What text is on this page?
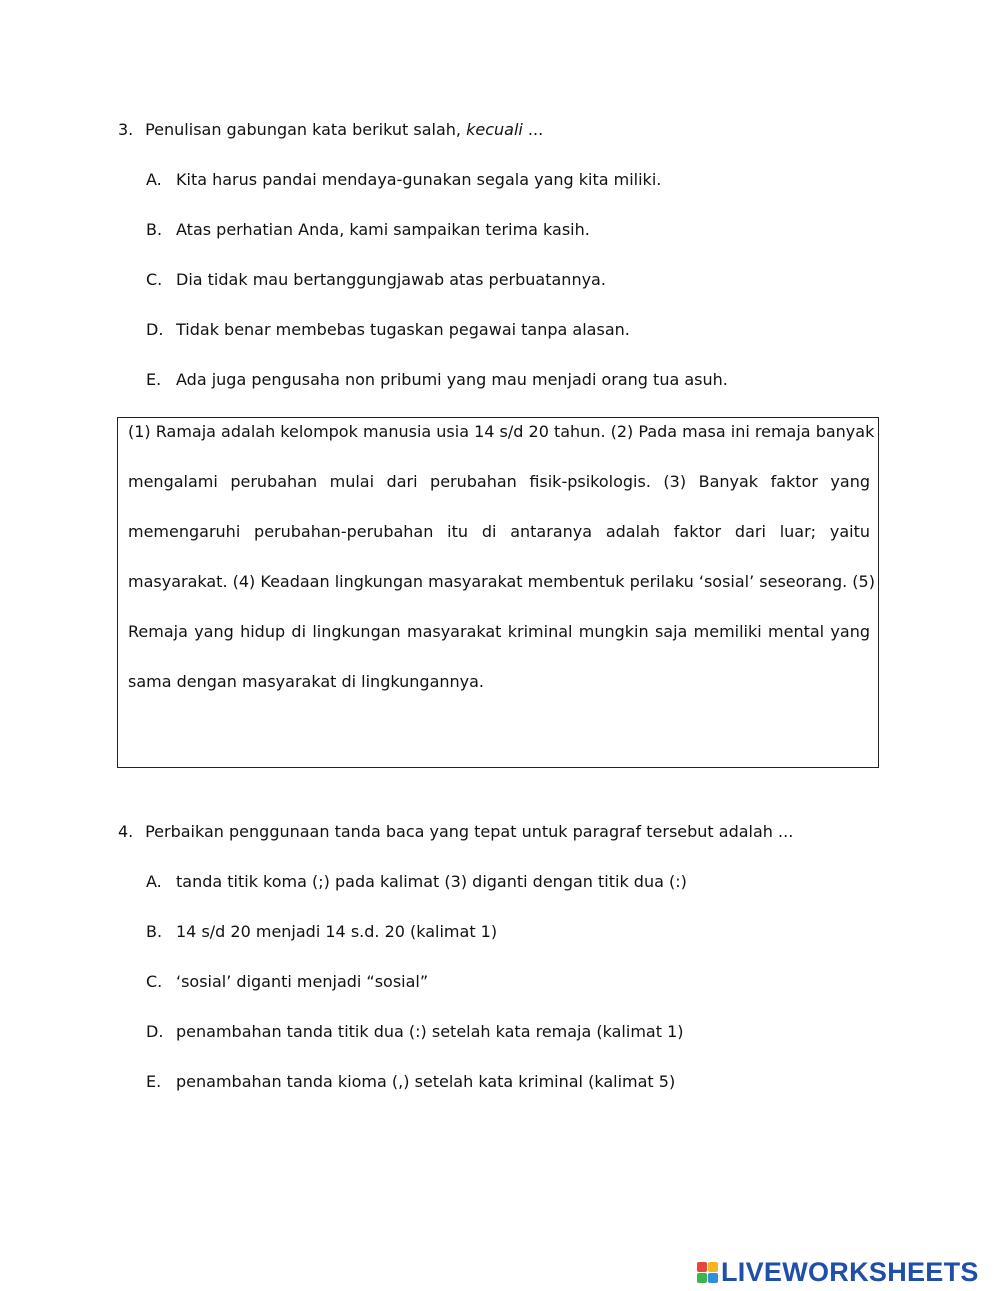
3. Penulisan gabungan kata berikut salah, kecuali ...
A. Kita harus pandai mendaya-gunakan segala yang kita miliki.
B. Atas perhatian Anda, kami sampaikan terima kasih.
C. Dia tidak mau bertanggungjawab atas perbuatannya.
D. Tidak benar membebas tugaskan pegawai tanpa alasan.
E. Ada juga pengusaha non pribumi yang mau menjadi orang tua asuh.
(1) Ramaja adalah kelompok manusia usia 14 s/d 20 tahun. (2) Pada masa ini remaja banyak
mengalami perubahan mulai dari perubahan fisik-psikologis. (3) Banyak faktor yang
memengaruhi perubahan-perubahan itu di antaranya adalah faktor dari luar; yaitu
masyarakat. (4) Keadaan lingkungan masyarakat membentuk perilaku ‘sosial’ seseorang. (5)
Remaja yang hidup di lingkungan masyarakat kriminal mungkin saja memiliki mental yang
sama dengan masyarakat di lingkungannya.
4. Perbaikan penggunaan tanda baca yang tepat untuk paragraf tersebut adalah ...
A. tanda titik koma (;) pada kalimat (3) diganti dengan titik dua (:)
B. 14 s/d 20 menjadi 14 s.d. 20 (kalimat 1)
C. ‘sosial’ diganti menjadi “sosial”
D. penambahan tanda titik dua (:) setelah kata remaja (kalimat 1)
E. penambahan tanda kioma (,) setelah kata kriminal (kalimat 5)
LIVEWORKSHEETS
